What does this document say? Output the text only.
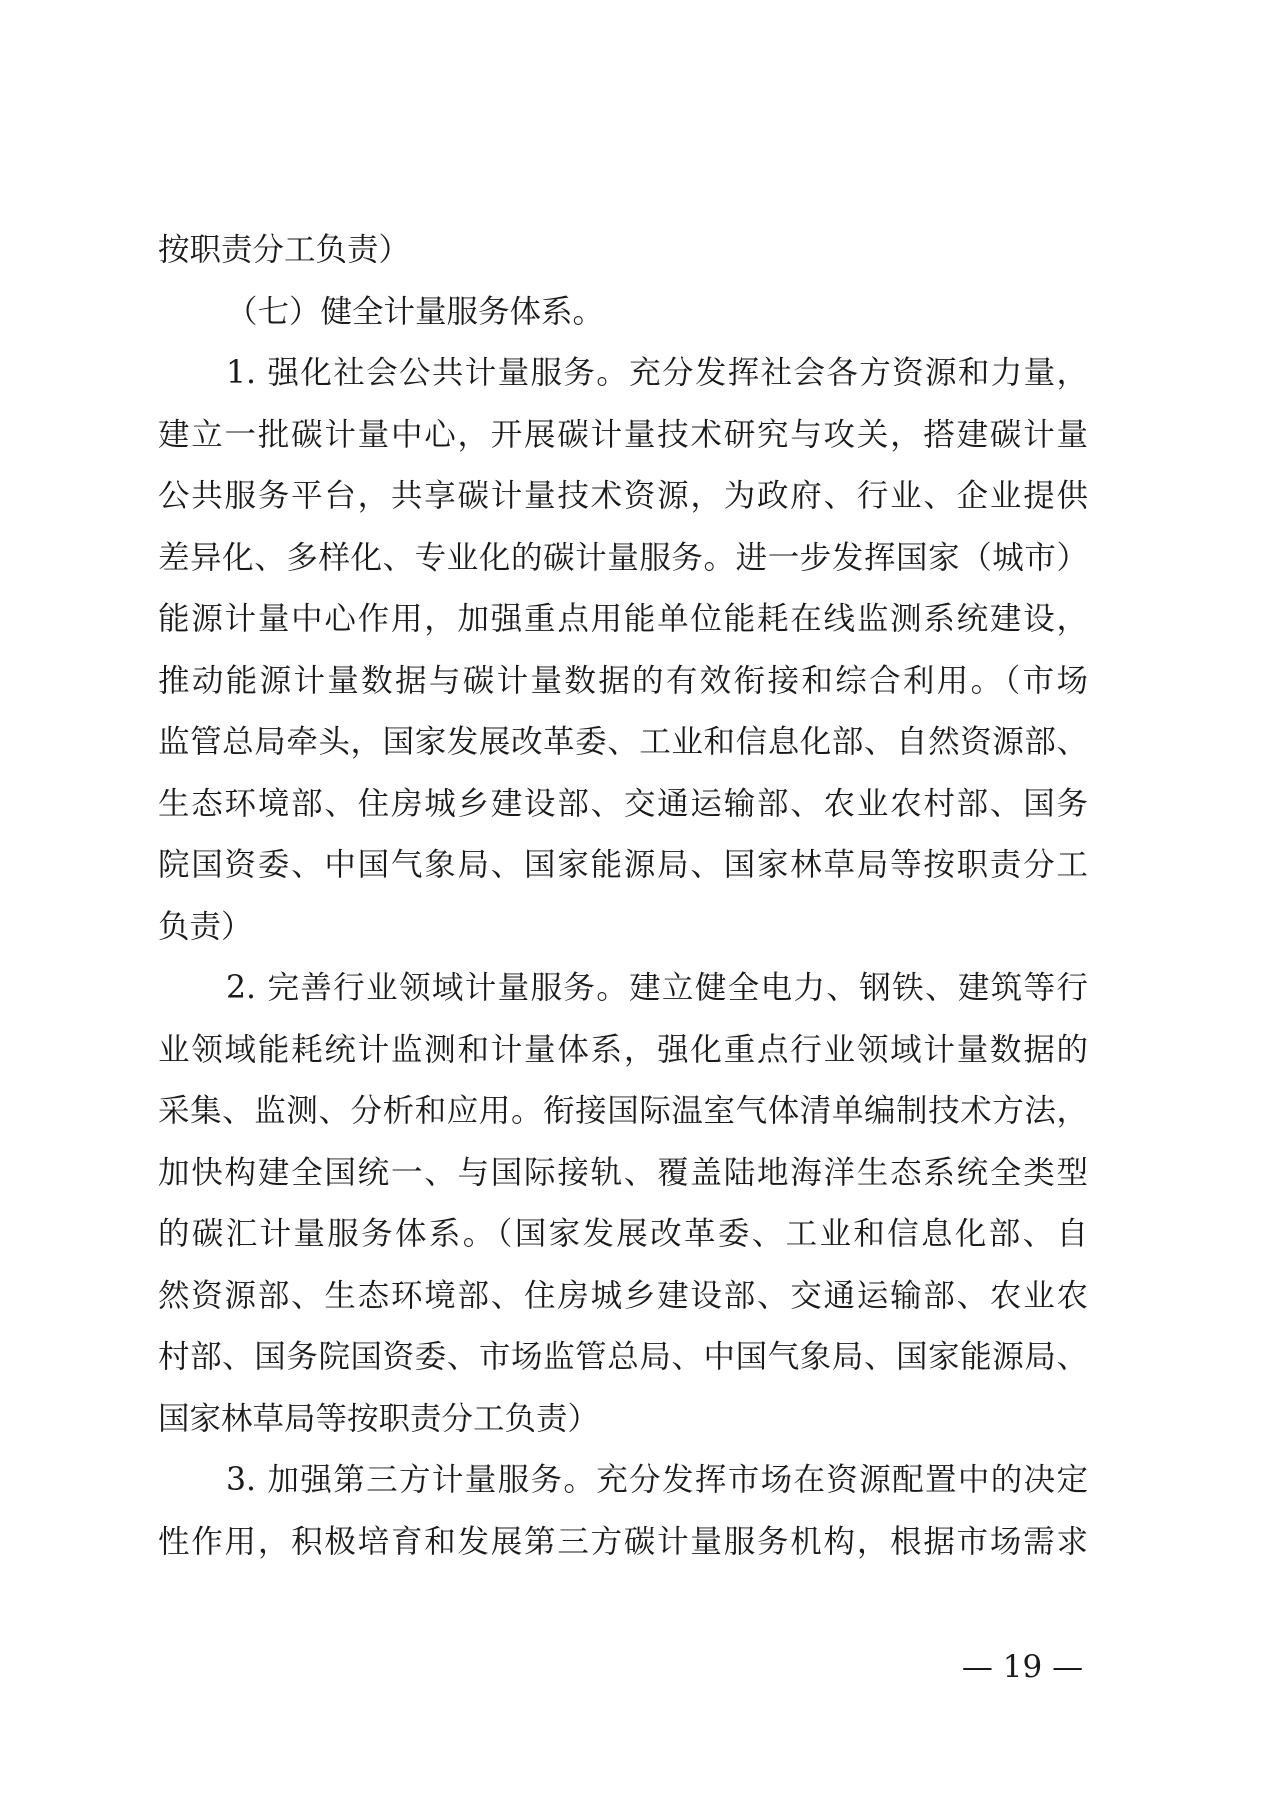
按职责分工负责）
（七）健全计量服务体系。
1. 强化社会公共计量服务。充分发挥社会各方资源和力量，
建立一批碳计量中心，开展碳计量技术研究与攻关，搭建碳计量
公共服务平台，共享碳计量技术资源，为政府、行业、企业提供
差异化、多样化、专业化的碳计量服务。进一步发挥国家（城市）
能源计量中心作用，加强重点用能单位能耗在线监测系统建设，
推动能源计量数据与碳计量数据的有效衔接和综合利用。（市场
监管总局牵头，国家发展改革委、工业和信息化部、自然资源部、
生态环境部、住房城乡建设部、交通运输部、农业农村部、国务
院国资委、中国气象局、国家能源局、国家林草局等按职责分工
负责）
2. 完善行业领域计量服务。建立健全电力、钢铁、建筑等行
业领域能耗统计监测和计量体系，强化重点行业领域计量数据的
采集、监测、分析和应用。衔接国际温室气体清单编制技术方法，
加快构建全国统一、与国际接轨、覆盖陆地海洋生态系统全类型
的碳汇计量服务体系。（国家发展改革委、工业和信息化部、自
然资源部、生态环境部、住房城乡建设部、交通运输部、农业农
村部、国务院国资委、市场监管总局、中国气象局、国家能源局、
国家林草局等按职责分工负责）
3. 加强第三方计量服务。充分发挥市场在资源配置中的决定
性作用，积极培育和发展第三方碳计量服务机构，根据市场需求
— 19 —
